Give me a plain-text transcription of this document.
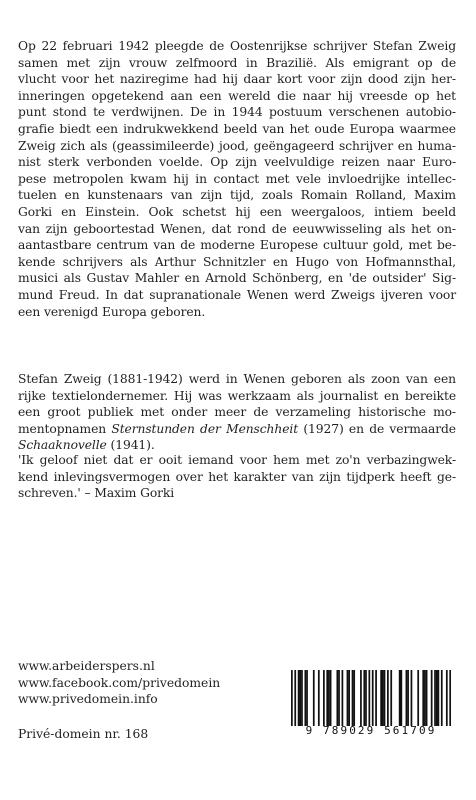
Op 22 februari 1942 pleegde de Oostenrijkse schrijver Stefan Zweig
samen met zijn vrouw zelfmoord in Brazilië. Als emigrant op de
vlucht voor het naziregime had hij daar kort voor zijn dood zijn her-
inneringen opgetekend aan een wereld die naar hij vreesde op het
punt stond te verdwijnen. De in 1944 postuum verschenen autobio-
grafie biedt een indrukwekkend beeld van het oude Europa waarmee
Zweig zich als (geassimileerde) jood, geëngageerd schrijver en huma-
nist sterk verbonden voelde. Op zijn veelvuldige reizen naar Euro-
pese metropolen kwam hij in contact met vele invloedrijke intellec-
tuelen en kunstenaars van zijn tijd, zoals Romain Rolland, Maxim
Gorki en Einstein. Ook schetst hij een weergaloos, intiem beeld
van zijn geboortestad Wenen, dat rond de eeuwwisseling als het on-
aantastbare centrum van de moderne Europese cultuur gold, met be-
kende schrijvers als Arthur Schnitzler en Hugo von Hofmannsthal,
musici als Gustav Mahler en Arnold Schönberg, en 'de outsider' Sig-
mund Freud. In dat supranationale Wenen werd Zweigs ijveren voor
een verenigd Europa geboren.

Stefan Zweig (1881-1942) werd in Wenen geboren als zoon van een
rijke textielondernemer. Hij was werkzaam als journalist en bereikte
een groot publiek met onder meer de verzameling historische mo-
mentopnamen Sternstunden der Menschheit (1927) en de vermaarde
Schaaknovelle (1941).

'Ik geloof niet dat er ooit iemand voor hem met zo'n verbazingwek-
kend inlevingsvermogen over het karakter van zijn tijdperk heeft ge-
schreven.' – Maxim Gorki

www.arbeiderspers.nl
www.facebook.com/privedomein
www.privedomein.info
Privé-domein nr. 168	9 789029 561709
